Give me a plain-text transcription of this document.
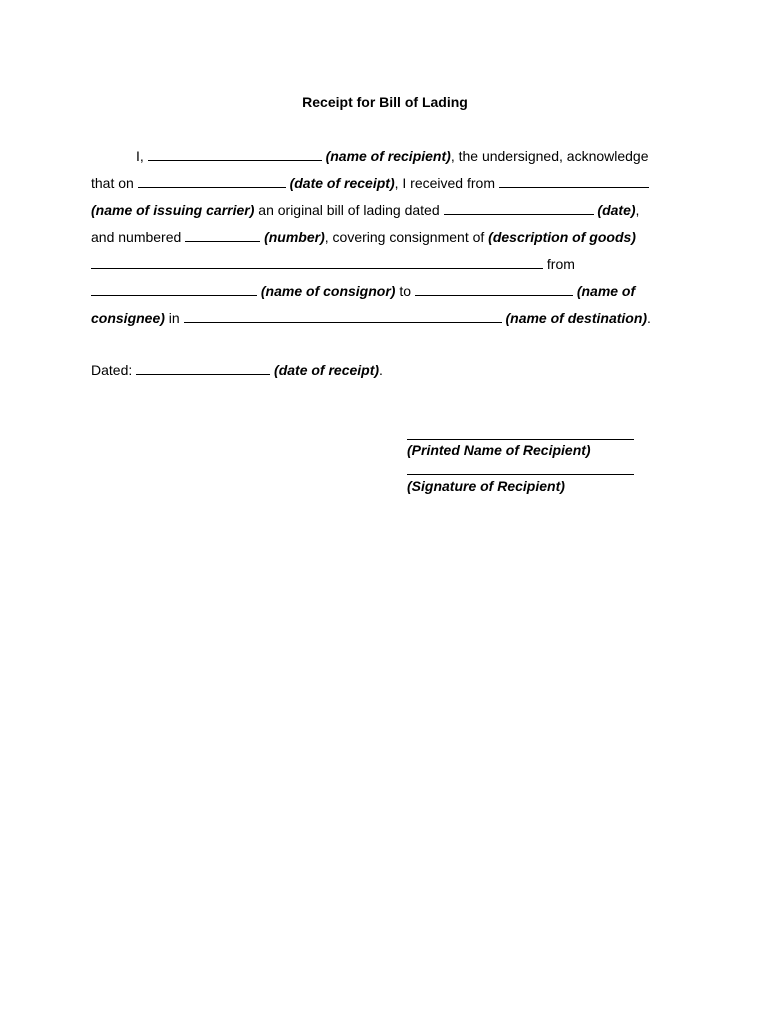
Receipt for Bill of Lading
I,	(name of recipient), the undersigned, acknowledge
that on	(date of receipt), I received from
(name of issuing carrier) an original bill of lading dated	(date),
and numbered	(number), covering consignment of (description of goods)
from
(name of consignor) to	(name of
consignee) in	(name of destination).
Dated:	(date of receipt).
(Printed Name of Recipient)
(Signature of Recipient)
